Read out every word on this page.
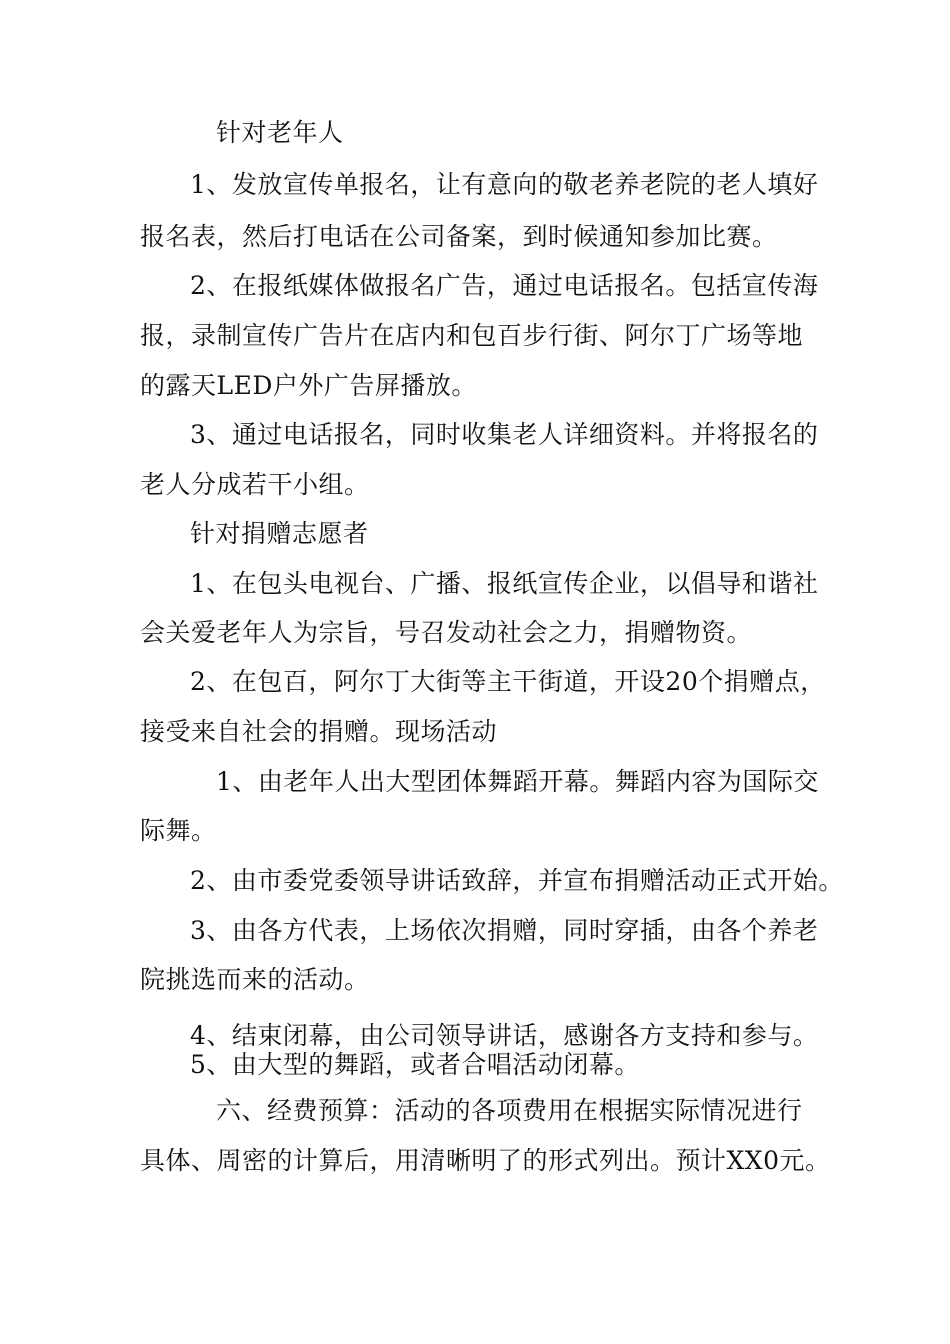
针对老年人
1、发放宣传单报名，让有意向的敬老养老院的老人填好
报名表，然后打电话在公司备案，到时候通知参加比赛。
2、在报纸媒体做报名广告，通过电话报名。包括宣传海
报，录制宣传广告片在店内和包百步行街、阿尔丁广场等地
的露天LED户外广告屏播放。
3、通过电话报名，同时收集老人详细资料。并将报名的
老人分成若干小组。
针对捐赠志愿者
1、在包头电视台、广播、报纸宣传企业，以倡导和谐社
会关爱老年人为宗旨，号召发动社会之力，捐赠物资。
2、在包百，阿尔丁大街等主干街道，开设20个捐赠点，
接受来自社会的捐赠。现场活动
1、由老年人出大型团体舞蹈开幕。舞蹈内容为国际交
际舞。
2、由市委党委领导讲话致辞，并宣布捐赠活动正式开始。
3、由各方代表，上场依次捐赠，同时穿插，由各个养老
院挑选而来的活动。
4、结束闭幕，由公司领导讲话，感谢各方支持和参与。
5、由大型的舞蹈，或者合唱活动闭幕。
六、经费预算：活动的各项费用在根据实际情况进行
具体、周密的计算后，用清晰明了的形式列出。预计XX0元。
